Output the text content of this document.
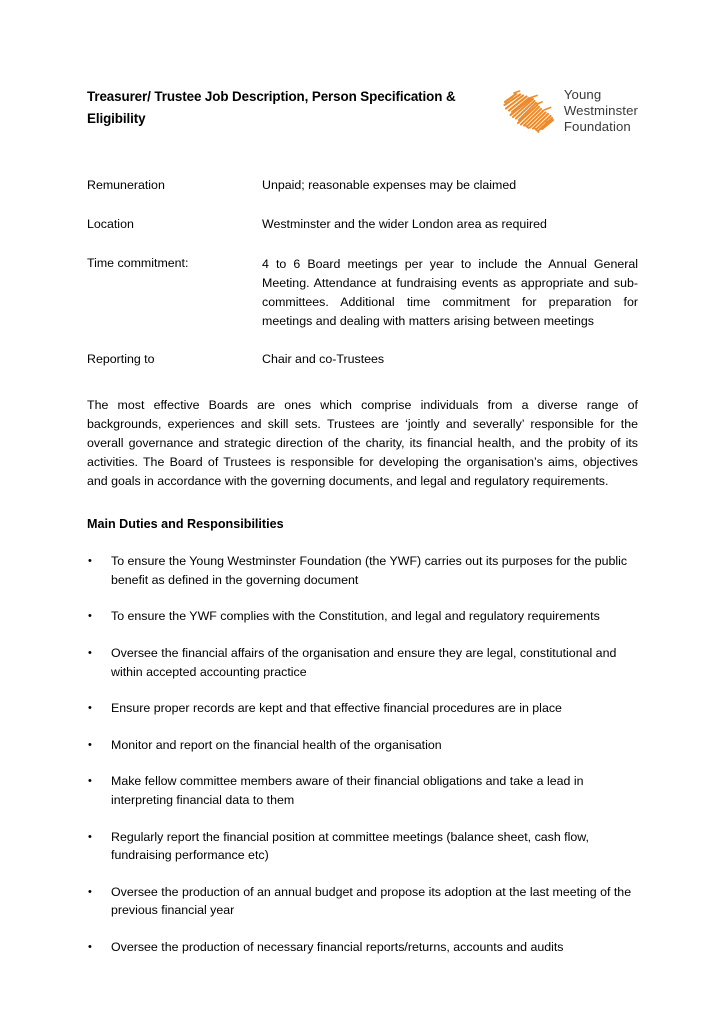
Treasurer/ Trustee Job Description, Person Specification & Eligibility
Young
Westminster
Foundation
Remuneration	Unpaid; reasonable expenses may be claimed
Location	Westminster and the wider London area as required
Time commitment:	4 to 6 Board meetings per year to include the Annual General Meeting. Attendance at fundraising events as appropriate and sub-committees. Additional time commitment for preparation for meetings and dealing with matters arising between meetings
Reporting to	Chair and co-Trustees

The most effective Boards are ones which comprise individuals from a diverse range of backgrounds, experiences and skill sets. Trustees are ‘jointly and severally’ responsible for the overall governance and strategic direction of the charity, its financial health, and the probity of its activities. The Board of Trustees is responsible for developing the organisation’s aims, objectives and goals in accordance with the governing documents, and legal and regulatory requirements.

Main Duties and Responsibilities
•	To ensure the Young Westminster Foundation (the YWF) carries out its purposes for the public benefit as defined in the governing document
•	To ensure the YWF complies with the Constitution, and legal and regulatory requirements
•	Oversee the financial affairs of the organisation and ensure they are legal, constitutional and within accepted accounting practice
•	Ensure proper records are kept and that effective financial procedures are in place
•	Monitor and report on the financial health of the organisation
•	Make fellow committee members aware of their financial obligations and take a lead in interpreting financial data to them
•	Regularly report the financial position at committee meetings (balance sheet, cash flow, fundraising performance etc)
•	Oversee the production of an annual budget and propose its adoption at the last meeting of the previous financial year
•	Oversee the production of necessary financial reports/returns, accounts and audits
